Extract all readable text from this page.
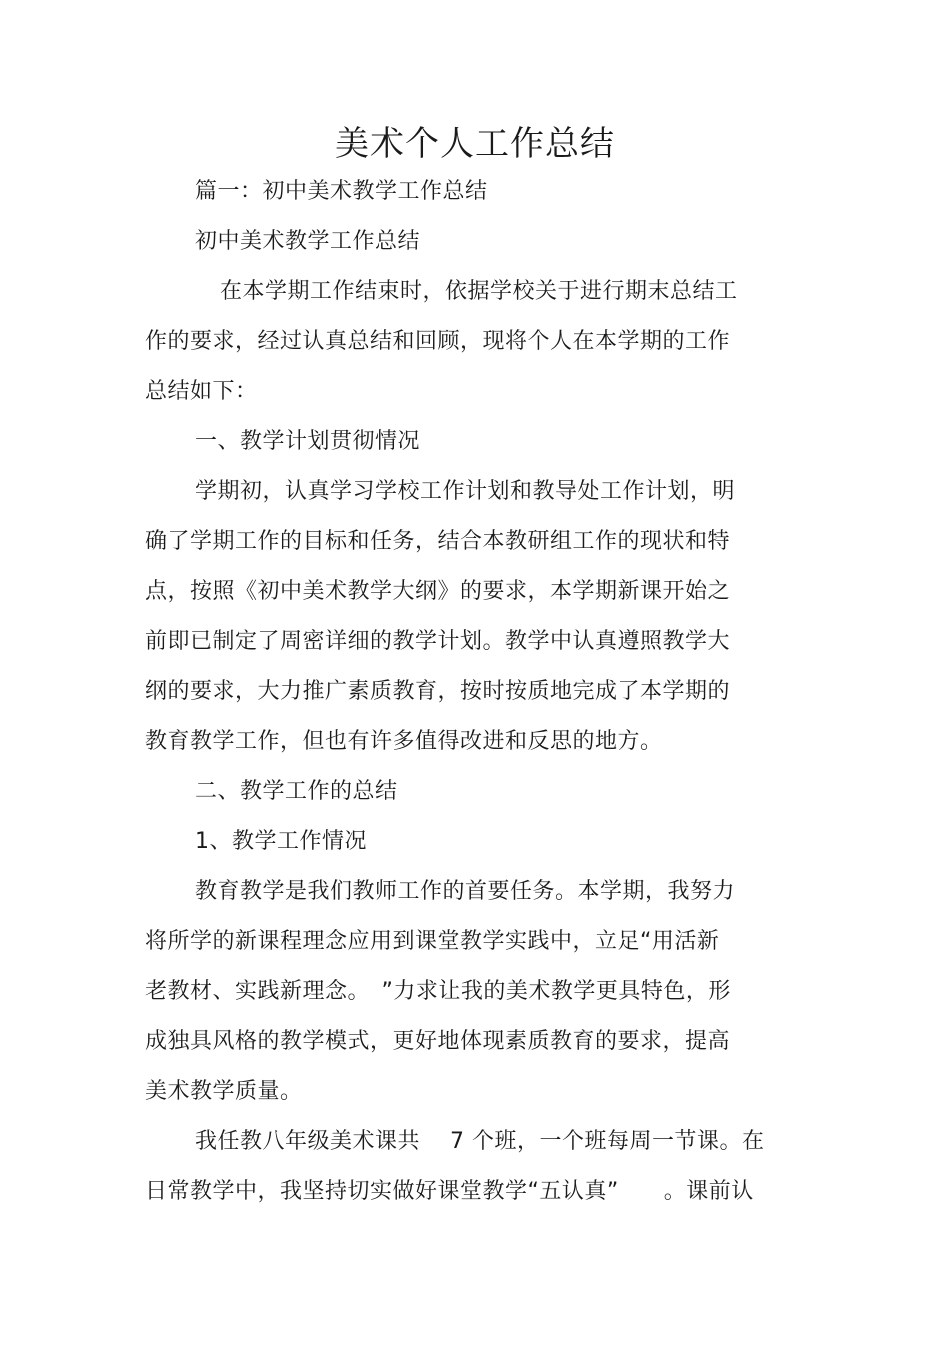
美术个人工作总结

篇一：初中美术教学工作总结

初中美术教学工作总结

在本学期工作结束时，依据学校关于进行期末总结工

作的要求，经过认真总结和回顾，现将个人在本学期的工作

总结如下：

一、教学计划贯彻情况

学期初，认真学习学校工作计划和教导处工作计划，明

确了学期工作的目标和任务，结合本教研组工作的现状和特

点，按照《初中美术教学大纲》的要求，本学期新课开始之

前即已制定了周密详细的教学计划。教学中认真遵照教学大

纲的要求，大力推广素质教育，按时按质地完成了本学期的

教育教学工作，但也有许多值得改进和反思的地方。

二、教学工作的总结

1、教学工作情况

教育教学是我们教师工作的首要任务。本学期，我努力

将所学的新课程理念应用到课堂教学实践中，立足“用活新

老教材、实践新理念。　”力求让我的美术教学更具特色，形

成独具风格的教学模式，更好地体现素质教育的要求，提高

美术教学质量。

我任教八年级美术课共　 7 个班，一个班每周一节课。在

日常教学中，我坚持切实做好课堂教学“五认真”　　。课前认
